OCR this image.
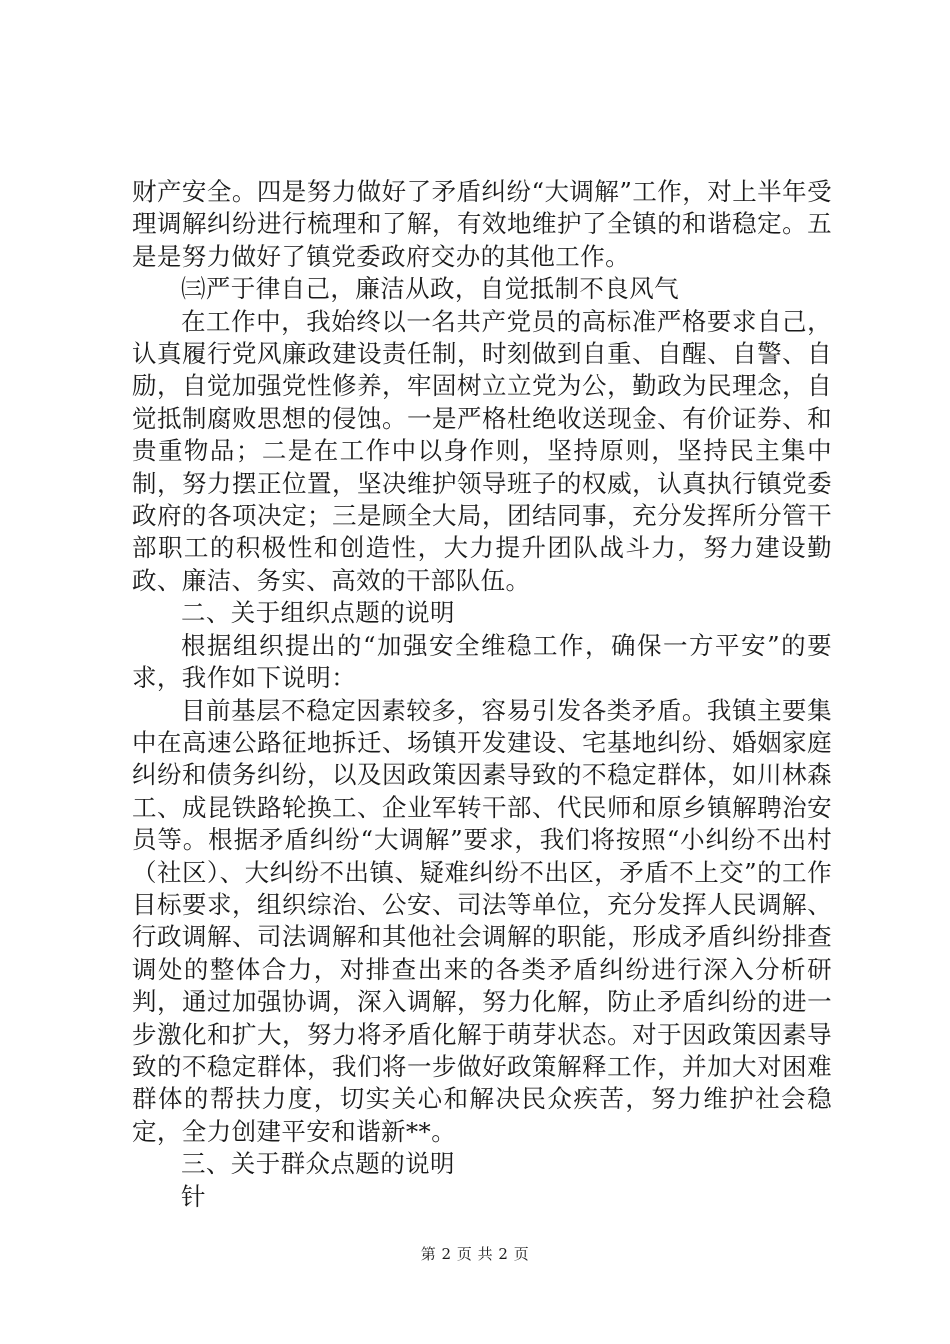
财产安全。四是努力做好了矛盾纠纷“大调解”工作，对上半年受理调解纠纷进行梳理和了解，有效地维护了全镇的和谐稳定。五是是努力做好了镇党委政府交办的其他工作。

㈢严于律自己，廉洁从政，自觉抵制不良风气

在工作中，我始终以一名共产党员的高标准严格要求自己，认真履行党风廉政建设责任制，时刻做到自重、自醒、自警、自励，自觉加强党性修养，牢固树立立党为公，勤政为民理念，自觉抵制腐败思想的侵蚀。一是严格杜绝收送现金、有价证券、和贵重物品；二是在工作中以身作则，坚持原则，坚持民主集中制，努力摆正位置，坚决维护领导班子的权威，认真执行镇党委政府的各项决定；三是顾全大局，团结同事，充分发挥所分管干部职工的积极性和创造性，大力提升团队战斗力，努力建设勤政、廉洁、务实、高效的干部队伍。

二、关于组织点题的说明

根据组织提出的“加强安全维稳工作，确保一方平安”的要求，我作如下说明：

目前基层不稳定因素较多，容易引发各类矛盾。我镇主要集中在高速公路征地拆迁、场镇开发建设、宅基地纠纷、婚姻家庭纠纷和债务纠纷，以及因政策因素导致的不稳定群体，如川林森工、成昆铁路轮换工、企业军转干部、代民师和原乡镇解聘治安员等。根据矛盾纠纷“大调解”要求，我们将按照“小纠纷不出村（社区）、大纠纷不出镇、疑难纠纷不出区，矛盾不上交”的工作目标要求，组织综治、公安、司法等单位，充分发挥人民调解、行政调解、司法调解和其他社会调解的职能，形成矛盾纠纷排查调处的整体合力，对排查出来的各类矛盾纠纷进行深入分析研判，通过加强协调，深入调解，努力化解，防止矛盾纠纷的进一步激化和扩大，努力将矛盾化解于萌芽状态。对于因政策因素导致的不稳定群体，我们将一步做好政策解释工作，并加大对困难群体的帮扶力度，切实关心和解决民众疾苦，努力维护社会稳定，全力创建平安和谐新**。

三、关于群众点题的说明

针

第 2 页 共 2 页
